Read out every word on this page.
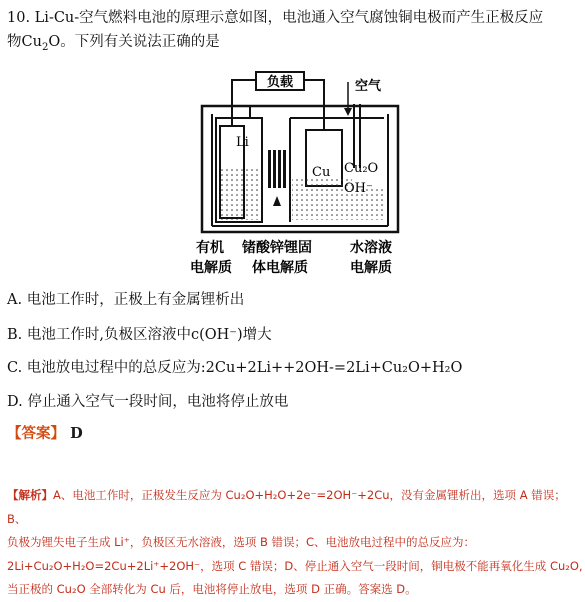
10. Li-Cu-空气燃料电池的原理示意如图，电池通入空气腐蚀铜电极而产生正极反应
物$Cu_2O$。下列有关说法正确的是
负载	空气
Li
Cu Cu₂O
OH⁻
有机
电解质
锗酸锌锂固
体电解质
水溶液
电解质
A. 电池工作时，正极上有金属锂析出
B. 电池工作时,负极区溶液中c(OH⁻)增大
C. 电池放电过程中的总反应为:2Cu+2Li++2OH-=2Li+Cu₂O+H₂O
D. 停止通入空气一段时间，电池将停止放电
【答案】 D
【解析】A、电池工作时，正极发生反应为 Cu₂O+H₂O+2e⁻=2OH⁻+2Cu，没有金属锂析出，选项 A 错误；B、
负极为锂失电子生成 Li⁺，负极区无水溶液，选项 B 错误；C、电池放电过程中的总反应为：
2Li+Cu₂O+H₂O=2Cu+2Li⁺+2OH⁻，选项 C 错误；D、停止通入空气一段时间，铜电极不能再氧化生成 Cu₂O,
当正极的 Cu₂O 全部转化为 Cu 后，电池将停止放电，选项 D 正确。答案选 D。
